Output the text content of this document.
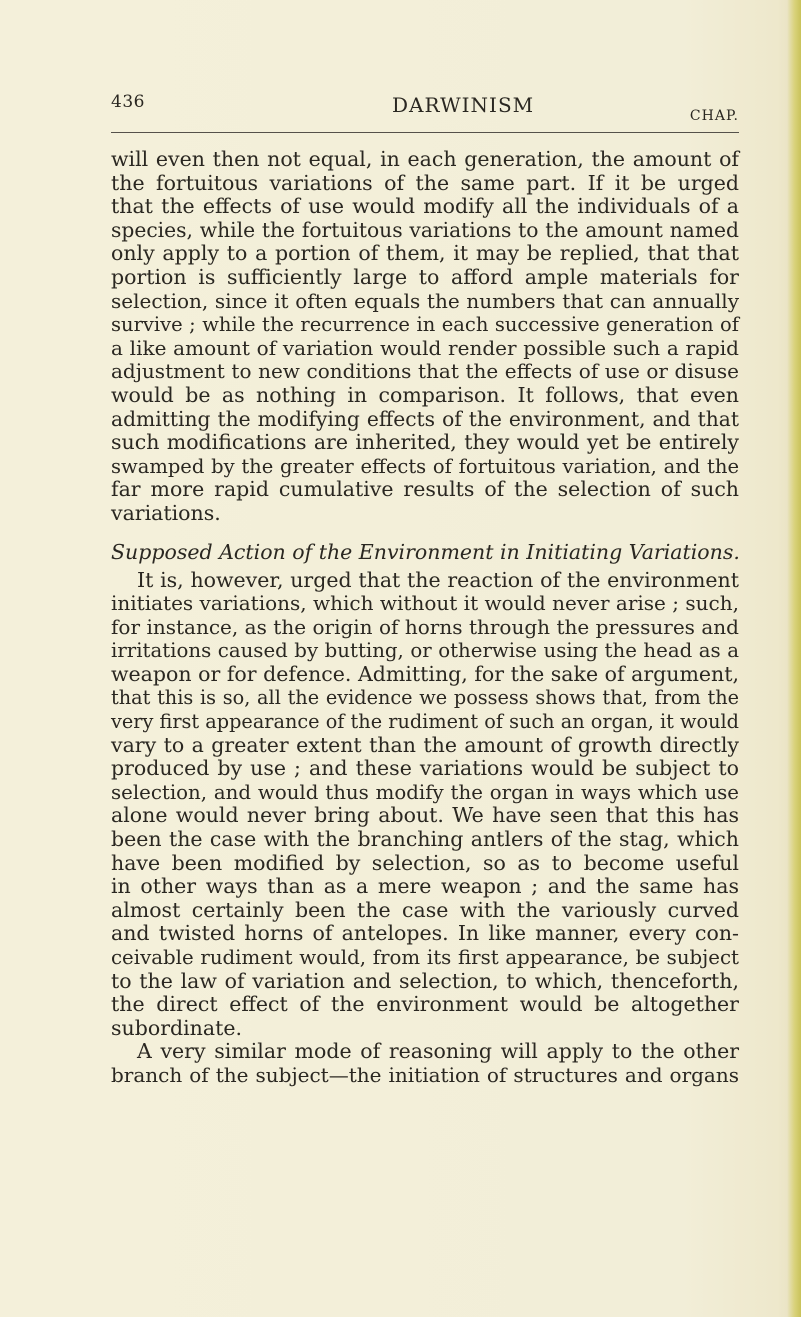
436	DARWINISM	CHAP.

will even then not equal, in each generation, the amount of
the fortuitous variations of the same part. If it be urged
that the effects of use would modify all the individuals of a
species, while the fortuitous variations to the amount named
only apply to a portion of them, it may be replied, that that
portion is sufficiently large to afford ample materials for
selection, since it often equals the numbers that can annually
survive ; while the recurrence in each successive generation of
a like amount of variation would render possible such a rapid
adjustment to new conditions that the effects of use or disuse
would be as nothing in comparison. It follows, that even
admitting the modifying effects of the environment, and that
such modifications are inherited, they would yet be entirely
swamped by the greater effects of fortuitous variation, and the
far more rapid cumulative results of the selection of such
variations.

Supposed Action of the Environment in Initiating Variations.

It is, however, urged that the reaction of the environment
initiates variations, which without it would never arise ; such,
for instance, as the origin of horns through the pressures and
irritations caused by butting, or otherwise using the head as a
weapon or for defence. Admitting, for the sake of argument,
that this is so, all the evidence we possess shows that, from the
very first appearance of the rudiment of such an organ, it would
vary to a greater extent than the amount of growth directly
produced by use ; and these variations would be subject to
selection, and would thus modify the organ in ways which use
alone would never bring about. We have seen that this has
been the case with the branching antlers of the stag, which
have been modified by selection, so as to become useful
in other ways than as a mere weapon ; and the same has
almost certainly been the case with the variously curved
and twisted horns of antelopes. In like manner, every con-
ceivable rudiment would, from its first appearance, be subject
to the law of variation and selection, to which, thenceforth,
the direct effect of the environment would be altogether
subordinate.

A very similar mode of reasoning will apply to the other
branch of the subject—the initiation of structures and organs
